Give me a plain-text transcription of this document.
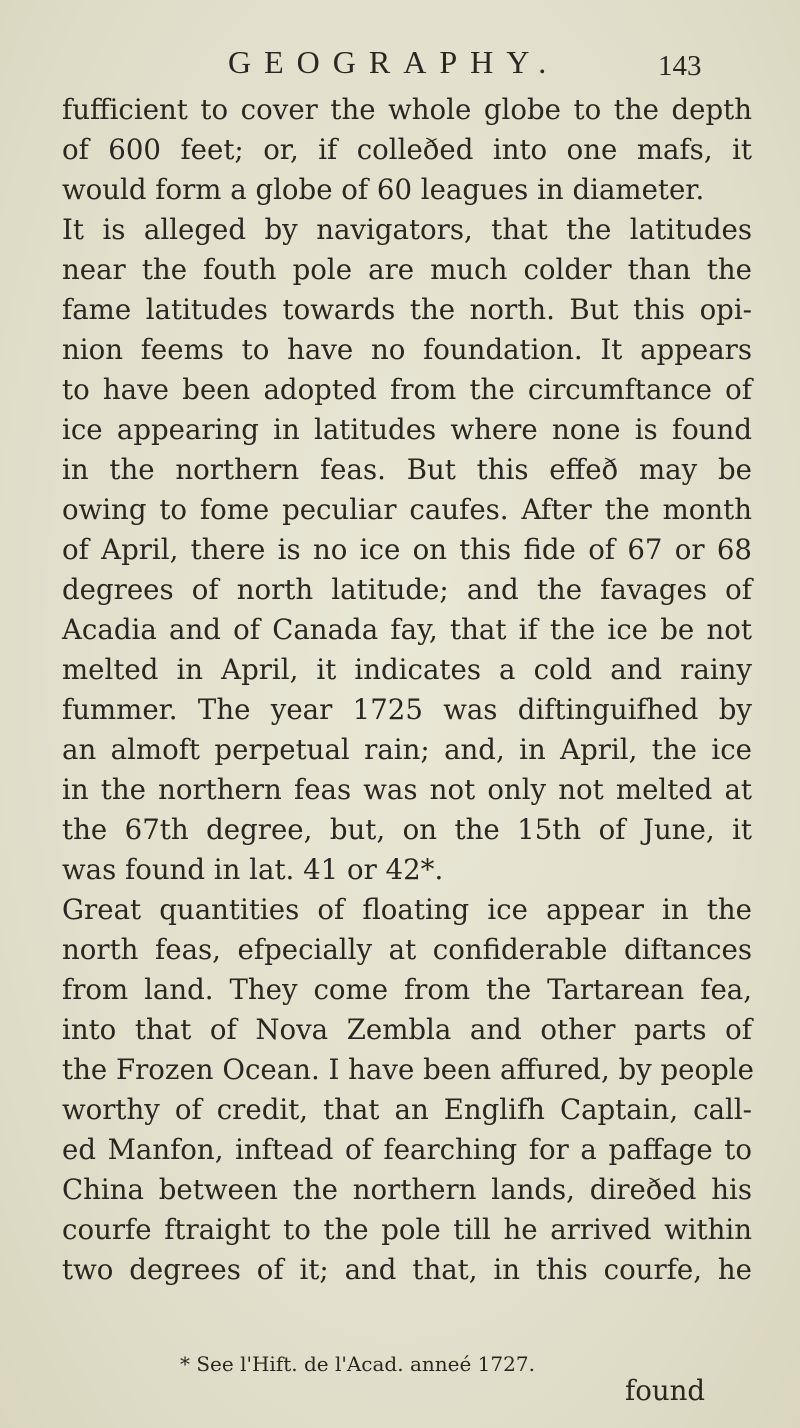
GEOGRAPHY.	143
fufficient to cover the whole globe to the depth
of 600 feet; or, if colleðed into one mafs, it
would form a globe of 60 leagues in diameter.
It is alleged by navigators, that the latitudes
near the fouth pole are much colder than the
fame latitudes towards the north. But this opi-
nion feems to have no foundation. It appears
to have been adopted from the circumftance of
ice appearing in latitudes where none is found
in the northern feas. But this effeð may be
owing to fome peculiar caufes. After the month
of April, there is no ice on this fide of 67 or 68
degrees of north latitude; and the favages of
Acadia and of Canada fay, that if the ice be not
melted in April, it indicates a cold and rainy
fummer. The year 1725 was diftinguifhed by
an almoft perpetual rain; and, in April, the ice
in the northern feas was not only not melted at
the 67th degree, but, on the 15th of June, it
was found in lat. 41 or 42*.
Great quantities of floating ice appear in the
north feas, efpecially at confiderable diftances
from land. They come from the Tartarean fea,
into that of Nova Zembla and other parts of
the Frozen Ocean. I have been affured, by people
worthy of credit, that an Englifh Captain, call-
ed Manfon, inftead of fearching for a paffage to
China between the northern lands, direðed his
courfe ftraight to the pole till he arrived within
two degrees of it; and that, in this courfe, he
* See l'Hift. de l'Acad. anneé 1727.
found
